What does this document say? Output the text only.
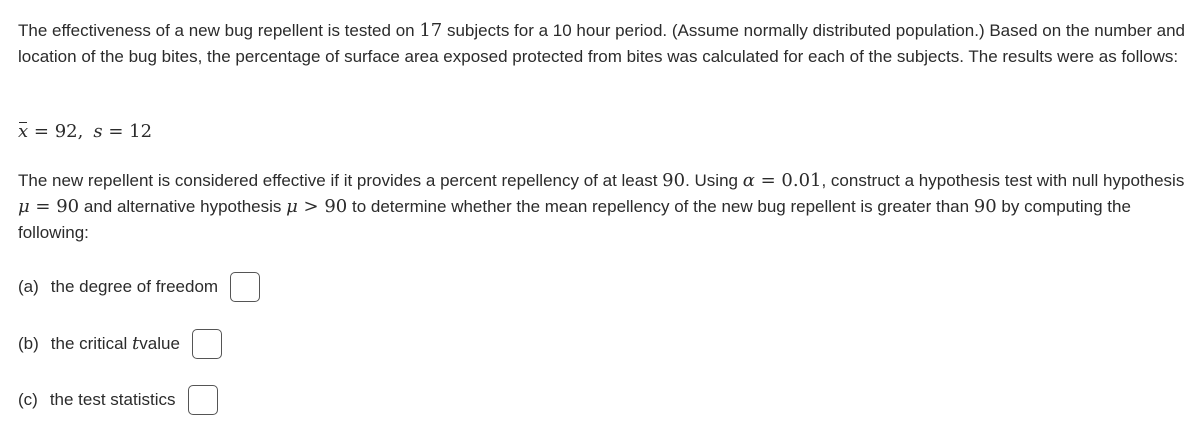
The effectiveness of a new bug repellent is tested on 17 subjects for a 10 hour period. (Assume normally distributed population.) Based on the number and location of the bug bites, the percentage of surface area exposed protected from bites was calculated for each of the subjects. The results were as follows:

x = 92, s = 12

The new repellent is considered effective if it provides a percent repellency of at least 90. Using α = 0.01, construct a hypothesis test with null hypothesis μ = 90 and alternative hypothesis μ > 90 to determine whether the mean repellency of the new bug repellent is greater than 90 by computing the following:

(a) the degree of freedom
(b) the critical
t value
(c) the test statistics
